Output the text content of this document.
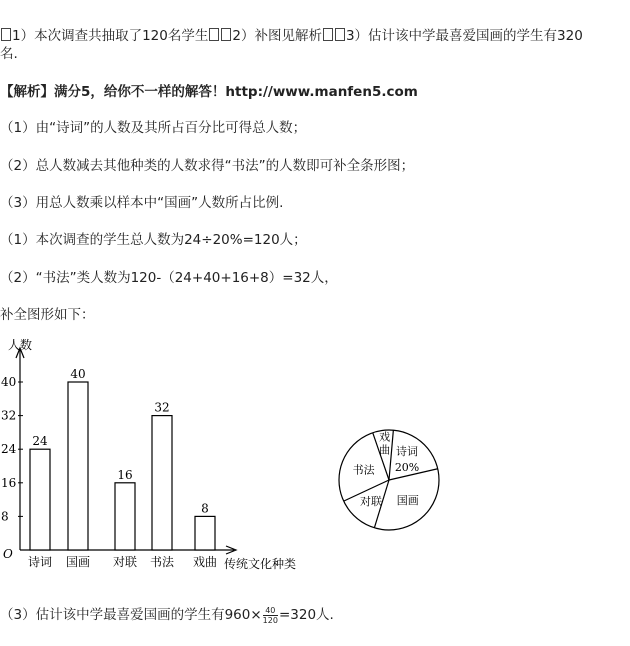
1）本次调查共抽取了120名学生 2）补图见解析 3）估计该中学最喜爱国画的学生有320
名.
【解析】满分5，给你不一样的解答！http://www.manfen5.com
（1）由“诗词”的人数及其所占百分比可得总人数；
（2）总人数减去其他种类的人数求得“书法”的人数即可补全条形图；
（3）用总人数乘以样本中“国画”人数所占比例.
（1）本次调查的学生总人数为24÷20%=120人；
（2）“书法”类人数为120-（24+40+16+8）=32人，
补全图形如下：
人数
O
传统文化种类
8
16
24
32
40
24
诗词
40
国画
16
对联
32
书法
8
戏曲
诗词
20%
国画
对联
书法
戏
曲
（3）估计该中学最喜爱国画的学生有$960\times \frac{40}{120} =320$人.
